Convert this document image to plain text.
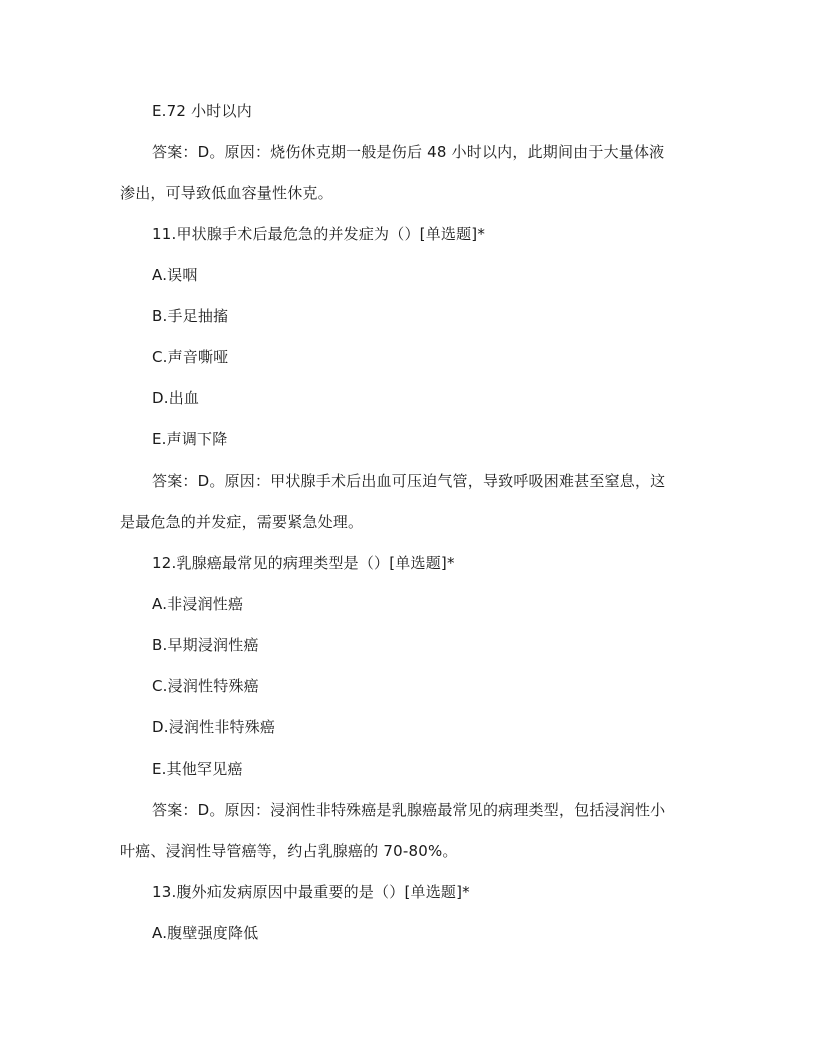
E.72 小时以内
答案：D。原因：烧伤休克期一般是伤后 48 小时以内，此期间由于大量体液
渗出，可导致低血容量性休克。
11.甲状腺手术后最危急的并发症为（）[单选题]*
A.误咽
B.手足抽搐
C.声音嘶哑
D.出血
E.声调下降
答案：D。原因：甲状腺手术后出血可压迫气管，导致呼吸困难甚至窒息，这
是最危急的并发症，需要紧急处理。
12.乳腺癌最常见的病理类型是（）[单选题]*
A.非浸润性癌
B.早期浸润性癌
C.浸润性特殊癌
D.浸润性非特殊癌
E.其他罕见癌
答案：D。原因：浸润性非特殊癌是乳腺癌最常见的病理类型，包括浸润性小
叶癌、浸润性导管癌等，约占乳腺癌的 70-80%。
13.腹外疝发病原因中最重要的是（）[单选题]*
A.腹壁强度降低
